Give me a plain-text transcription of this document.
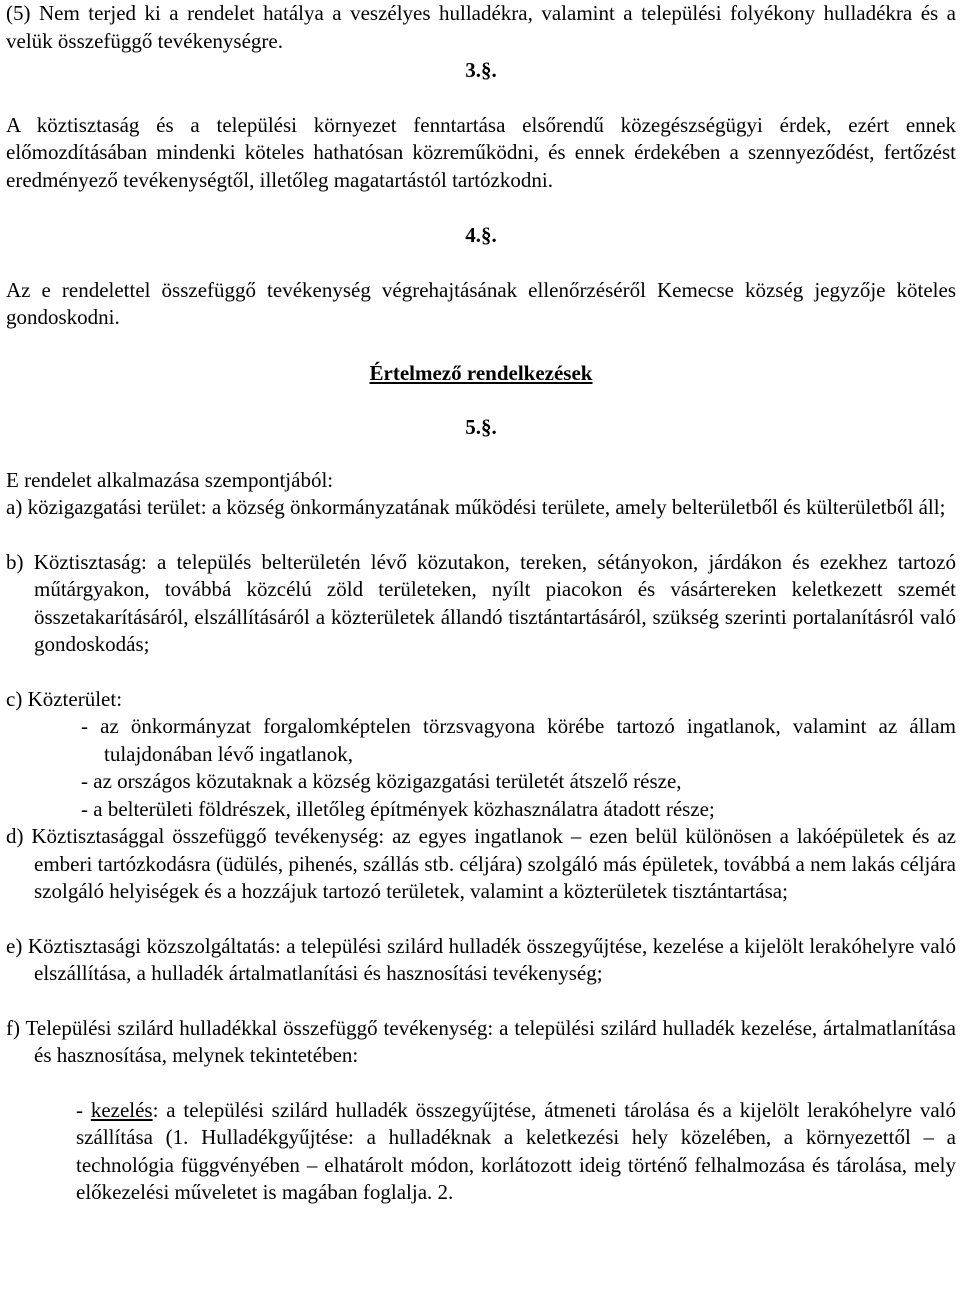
(5) Nem terjed ki a rendelet hatálya a veszélyes hulladékra, valamint a települési folyékony hulladékra és a velük összefüggő tevékenységre.

3.§.

A köztisztaság és a települési környezet fenntartása elsőrendű közegészségügyi érdek, ezért ennek előmozdításában mindenki köteles hathatósan közreműködni, és ennek érdekében a szennyeződést, fertőzést eredményező tevékenységtől, illetőleg magatartástól tartózkodni.

4.§.

Az e rendelettel összefüggő tevékenység végrehajtásának ellenőrzéséről Kemecse község jegyzője köteles gondoskodni.

Értelmező rendelkezések

5.§.

E rendelet alkalmazása szempontjából:

a) közigazgatási terület: a község önkormányzatának működési területe, amely belterületből és külterületből áll;

b) Köztisztaság: a település belterületén lévő közutakon, tereken, sétányokon, járdákon és ezekhez tartozó műtárgyakon, továbbá közcélú zöld területeken, nyílt piacokon és vásártereken keletkezett szemét összetakarításáról, elszállításáról a közterületek állandó tisztántartásáról, szükség szerinti portalanításról való gondoskodás;

c) Közterület:

- az önkormányzat forgalomképtelen törzsvagyona körébe tartozó ingatlanok, valamint az állam tulajdonában lévő ingatlanok,

- az országos közutaknak a község közigazgatási területét átszelő része,

- a belterületi földrészek, illetőleg építmények közhasználatra átadott része;

d) Köztisztasággal összefüggő tevékenység: az egyes ingatlanok – ezen belül különösen a lakóépületek és az emberi tartózkodásra (üdülés, pihenés, szállás stb. céljára) szolgáló más épületek, továbbá a nem lakás céljára szolgáló helyiségek és a hozzájuk tartozó területek, valamint a közterületek tisztántartása;

e) Köztisztasági közszolgáltatás: a települési szilárd hulladék összegyűjtése, kezelése a kijelölt lerakóhelyre való elszállítása, a hulladék ártalmatlanítási és hasznosítási tevékenység;

f) Települési szilárd hulladékkal összefüggő tevékenység: a települési szilárd hulladék kezelése, ártalmatlanítása és hasznosítása, melynek tekintetében:

- kezelés: a települési szilárd hulladék összegyűjtése, átmeneti tárolása és a kijelölt lerakóhelyre való szállítása (1. Hulladékgyűjtése: a hulladéknak a keletkezési hely közelében, a környezettől – a technológia függvényében – elhatárolt módon, korlátozott ideig történő felhalmozása és tárolása, mely előkezelési műveletet is magában foglalja. 2.
